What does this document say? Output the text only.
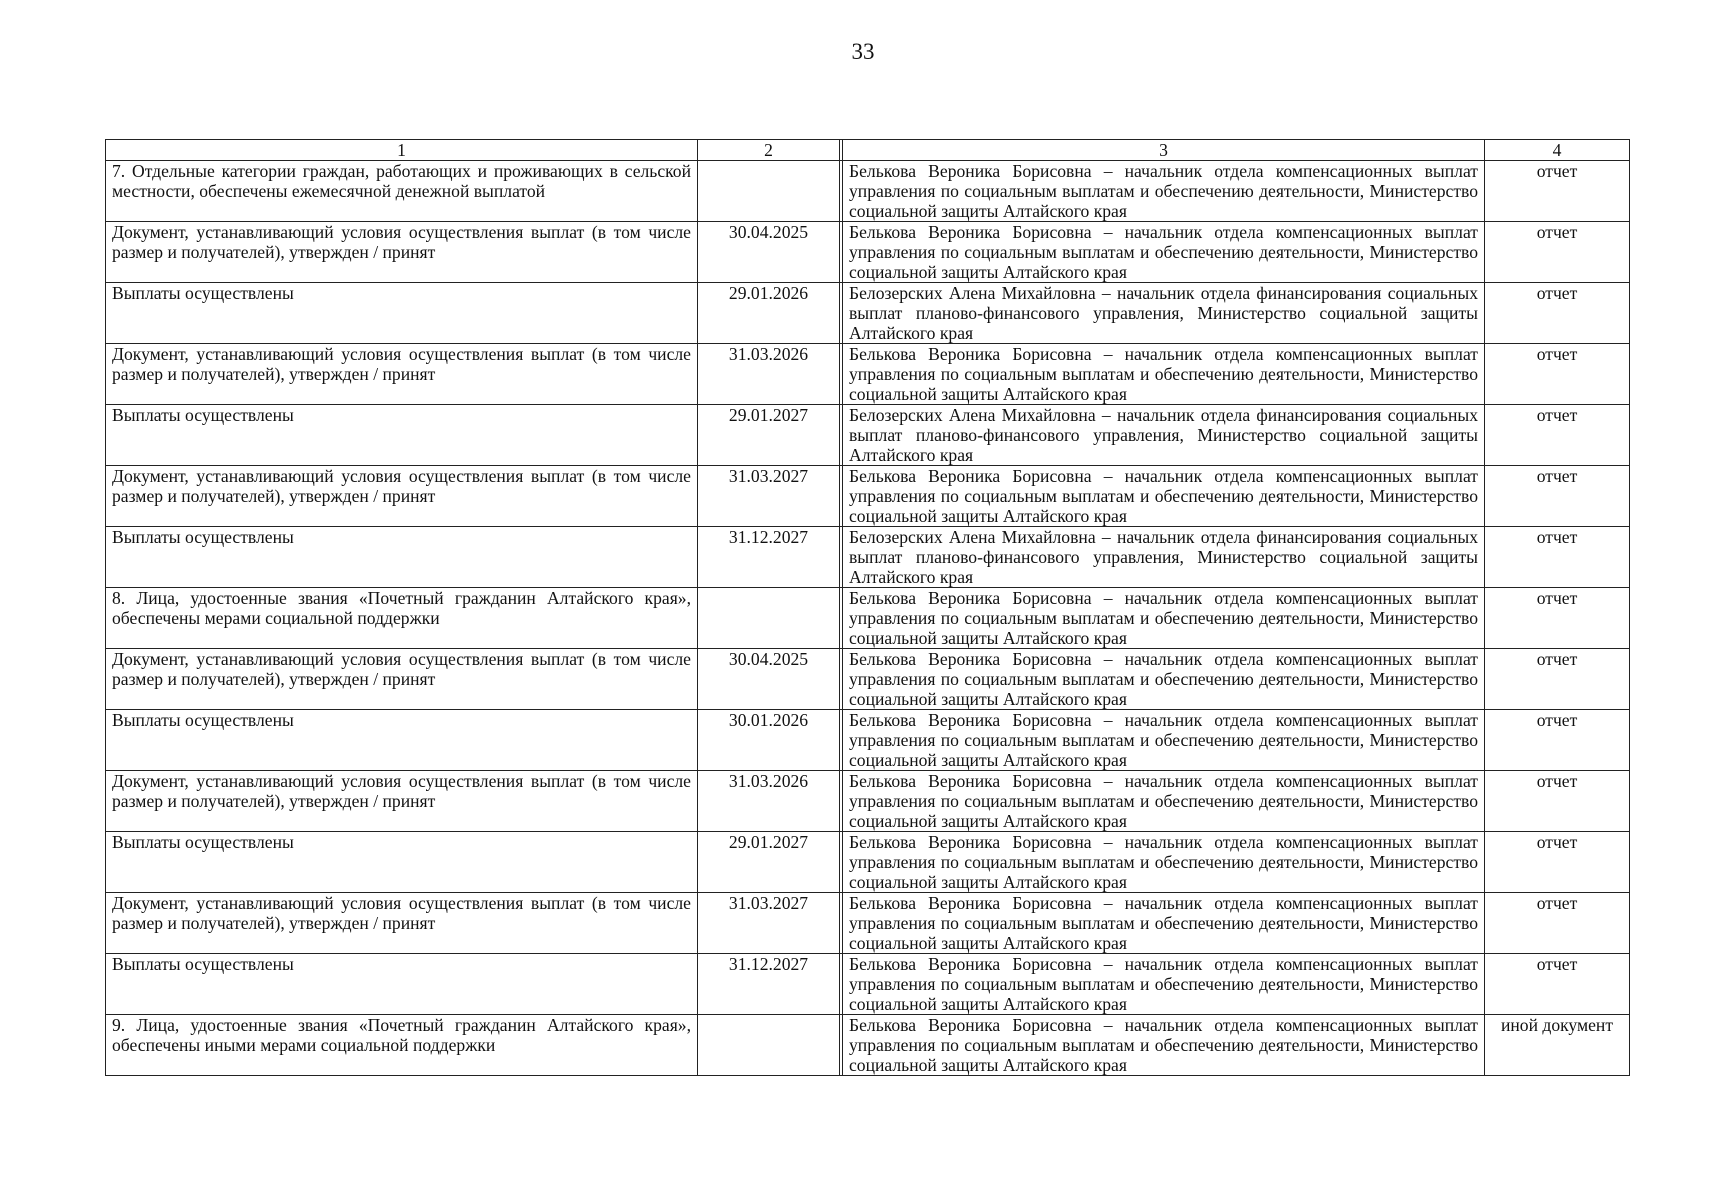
33
1	2		3	4
7. Отдельные категории граждан, работающих и проживающих в сельской местности, обеспечены ежемесячной денежной выплатой			Белькова Вероника Борисовна – начальник отдела компенсационных выплат управления по социальным выплатам и обеспечению деятельности, Министерство социальной защиты Алтайского края	отчет
Документ, устанавливающий условия осуществления выплат (в том числе размер и получателей), утвержден / принят	30.04.2025		Белькова Вероника Борисовна – начальник отдела компенсационных выплат управления по социальным выплатам и обеспечению деятельности, Министерство социальной защиты Алтайского края	отчет
Выплаты осуществлены	29.01.2026		Белозерских Алена Михайловна – начальник отдела финансирования социальных выплат планово-финансового управления, Министерство социальной защиты Алтайского края	отчет
Документ, устанавливающий условия осуществления выплат (в том числе размер и получателей), утвержден / принят	31.03.2026		Белькова Вероника Борисовна – начальник отдела компенсационных выплат управления по социальным выплатам и обеспечению деятельности, Министерство социальной защиты Алтайского края	отчет
Выплаты осуществлены	29.01.2027		Белозерских Алена Михайловна – начальник отдела финансирования социальных выплат планово-финансового управления, Министерство социальной защиты Алтайского края	отчет
Документ, устанавливающий условия осуществления выплат (в том числе размер и получателей), утвержден / принят	31.03.2027		Белькова Вероника Борисовна – начальник отдела компенсационных выплат управления по социальным выплатам и обеспечению деятельности, Министерство социальной защиты Алтайского края	отчет
Выплаты осуществлены	31.12.2027		Белозерских Алена Михайловна – начальник отдела финансирования социальных выплат планово-финансового управления, Министерство социальной защиты Алтайского края	отчет
8. Лица, удостоенные звания «Почетный гражданин Алтайского края», обеспечены мерами социальной поддержки			Белькова Вероника Борисовна – начальник отдела компенсационных выплат управления по социальным выплатам и обеспечению деятельности, Министерство социальной защиты Алтайского края	отчет
Документ, устанавливающий условия осуществления выплат (в том числе размер и получателей), утвержден / принят	30.04.2025		Белькова Вероника Борисовна – начальник отдела компенсационных выплат управления по социальным выплатам и обеспечению деятельности, Министерство социальной защиты Алтайского края	отчет
Выплаты осуществлены	30.01.2026		Белькова Вероника Борисовна – начальник отдела компенсационных выплат управления по социальным выплатам и обеспечению деятельности, Министерство социальной защиты Алтайского края	отчет
Документ, устанавливающий условия осуществления выплат (в том числе размер и получателей), утвержден / принят	31.03.2026		Белькова Вероника Борисовна – начальник отдела компенсационных выплат управления по социальным выплатам и обеспечению деятельности, Министерство социальной защиты Алтайского края	отчет
Выплаты осуществлены	29.01.2027		Белькова Вероника Борисовна – начальник отдела компенсационных выплат управления по социальным выплатам и обеспечению деятельности, Министерство социальной защиты Алтайского края	отчет
Документ, устанавливающий условия осуществления выплат (в том числе размер и получателей), утвержден / принят	31.03.2027		Белькова Вероника Борисовна – начальник отдела компенсационных выплат управления по социальным выплатам и обеспечению деятельности, Министерство социальной защиты Алтайского края	отчет
Выплаты осуществлены	31.12.2027		Белькова Вероника Борисовна – начальник отдела компенсационных выплат управления по социальным выплатам и обеспечению деятельности, Министерство социальной защиты Алтайского края	отчет
9. Лица, удостоенные звания «Почетный гражданин Алтайского края», обеспечены иными мерами социальной поддержки			Белькова Вероника Борисовна – начальник отдела компенсационных выплат управления по социальным выплатам и обеспечению деятельности, Министерство социальной защиты Алтайского края	иной документ
